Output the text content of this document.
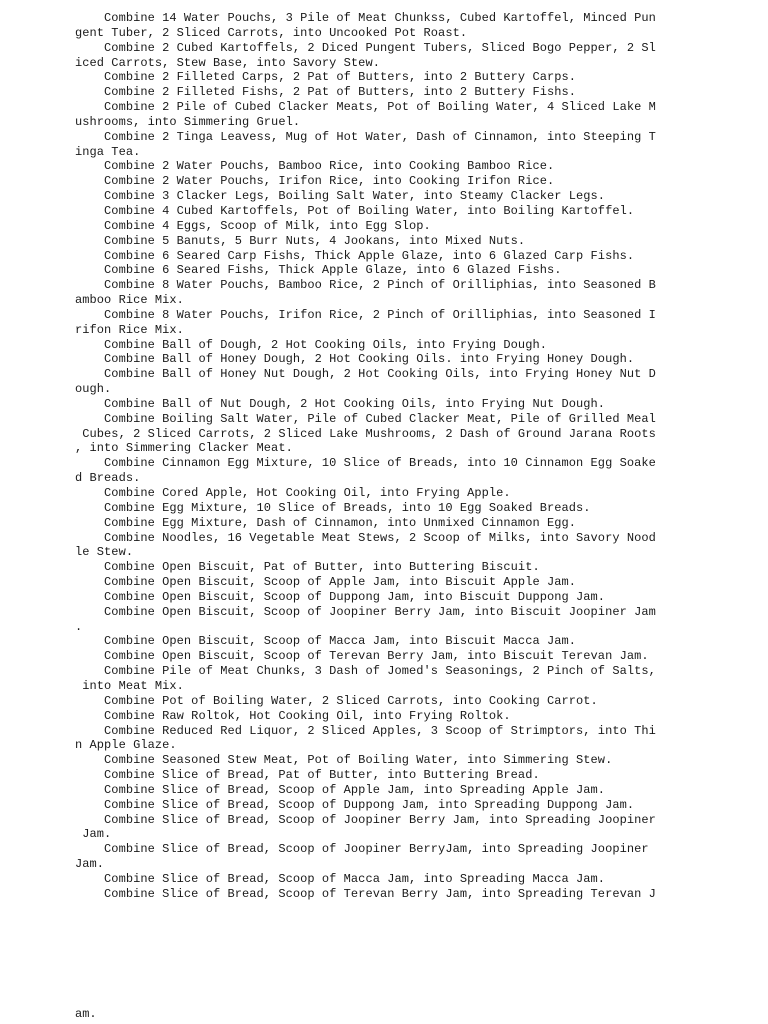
Combine 14 Water Pouchs, 3 Pile of Meat Chunkss, Cubed Kartoffel, Minced Pun
gent Tuber, 2 Sliced Carrots, into Uncooked Pot Roast.
Combine 2 Cubed Kartoffels, 2 Diced Pungent Tubers, Sliced Bogo Pepper, 2 Sl
iced Carrots, Stew Base, into Savory Stew.
Combine 2 Filleted Carps, 2 Pat of Butters, into 2 Buttery Carps.
Combine 2 Filleted Fishs, 2 Pat of Butters, into 2 Buttery Fishs.
Combine 2 Pile of Cubed Clacker Meats, Pot of Boiling Water, 4 Sliced Lake M
ushrooms, into Simmering Gruel.
Combine 2 Tinga Leavess, Mug of Hot Water, Dash of Cinnamon, into Steeping T
inga Tea.
Combine 2 Water Pouchs, Bamboo Rice, into Cooking Bamboo Rice.
Combine 2 Water Pouchs, Irifon Rice, into Cooking Irifon Rice.
Combine 3 Clacker Legs, Boiling Salt Water, into Steamy Clacker Legs.
Combine 4 Cubed Kartoffels, Pot of Boiling Water, into Boiling Kartoffel.
Combine 4 Eggs, Scoop of Milk, into Egg Slop.
Combine 5 Banuts, 5 Burr Nuts, 4 Jookans, into Mixed Nuts.
Combine 6 Seared Carp Fishs, Thick Apple Glaze, into 6 Glazed Carp Fishs.
Combine 6 Seared Fishs, Thick Apple Glaze, into 6 Glazed Fishs.
Combine 8 Water Pouchs, Bamboo Rice, 2 Pinch of Orilliphias, into Seasoned B
amboo Rice Mix.
Combine 8 Water Pouchs, Irifon Rice, 2 Pinch of Orilliphias, into Seasoned I
rifon Rice Mix.
Combine Ball of Dough, 2 Hot Cooking Oils, into Frying Dough.
Combine Ball of Honey Dough, 2 Hot Cooking Oils. into Frying Honey Dough.
Combine Ball of Honey Nut Dough, 2 Hot Cooking Oils, into Frying Honey Nut D
ough.
Combine Ball of Nut Dough, 2 Hot Cooking Oils, into Frying Nut Dough.
Combine Boiling Salt Water, Pile of Cubed Clacker Meat, Pile of Grilled Meal
Cubes, 2 Sliced Carrots, 2 Sliced Lake Mushrooms, 2 Dash of Ground Jarana Roots
, into Simmering Clacker Meat.
Combine Cinnamon Egg Mixture, 10 Slice of Breads, into 10 Cinnamon Egg Soake
d Breads.
Combine Cored Apple, Hot Cooking Oil, into Frying Apple.
Combine Egg Mixture, 10 Slice of Breads, into 10 Egg Soaked Breads.
Combine Egg Mixture, Dash of Cinnamon, into Unmixed Cinnamon Egg.
Combine Noodles, 16 Vegetable Meat Stews, 2 Scoop of Milks, into Savory Nood
le Stew.
Combine Open Biscuit, Pat of Butter, into Buttering Biscuit.
Combine Open Biscuit, Scoop of Apple Jam, into Biscuit Apple Jam.
Combine Open Biscuit, Scoop of Duppong Jam, into Biscuit Duppong Jam.
Combine Open Biscuit, Scoop of Joopiner Berry Jam, into Biscuit Joopiner Jam
.
Combine Open Biscuit, Scoop of Macca Jam, into Biscuit Macca Jam.
Combine Open Biscuit, Scoop of Terevan Berry Jam, into Biscuit Terevan Jam.
Combine Pile of Meat Chunks, 3 Dash of Jomed's Seasonings, 2 Pinch of Salts,
into Meat Mix.
Combine Pot of Boiling Water, 2 Sliced Carrots, into Cooking Carrot.
Combine Raw Roltok, Hot Cooking Oil, into Frying Roltok.
Combine Reduced Red Liquor, 2 Sliced Apples, 3 Scoop of Strimptors, into Thi
n Apple Glaze.
Combine Seasoned Stew Meat, Pot of Boiling Water, into Simmering Stew.
Combine Slice of Bread, Pat of Butter, into Buttering Bread.
Combine Slice of Bread, Scoop of Apple Jam, into Spreading Apple Jam.
Combine Slice of Bread, Scoop of Duppong Jam, into Spreading Duppong Jam.
Combine Slice of Bread, Scoop of Joopiner Berry Jam, into Spreading Joopiner
Jam.
Combine Slice of Bread, Scoop of Joopiner BerryJam, into Spreading Joopiner
Jam.
Combine Slice of Bread, Scoop of Macca Jam, into Spreading Macca Jam.
Combine Slice of Bread, Scoop of Terevan Berry Jam, into Spreading Terevan J
am.
